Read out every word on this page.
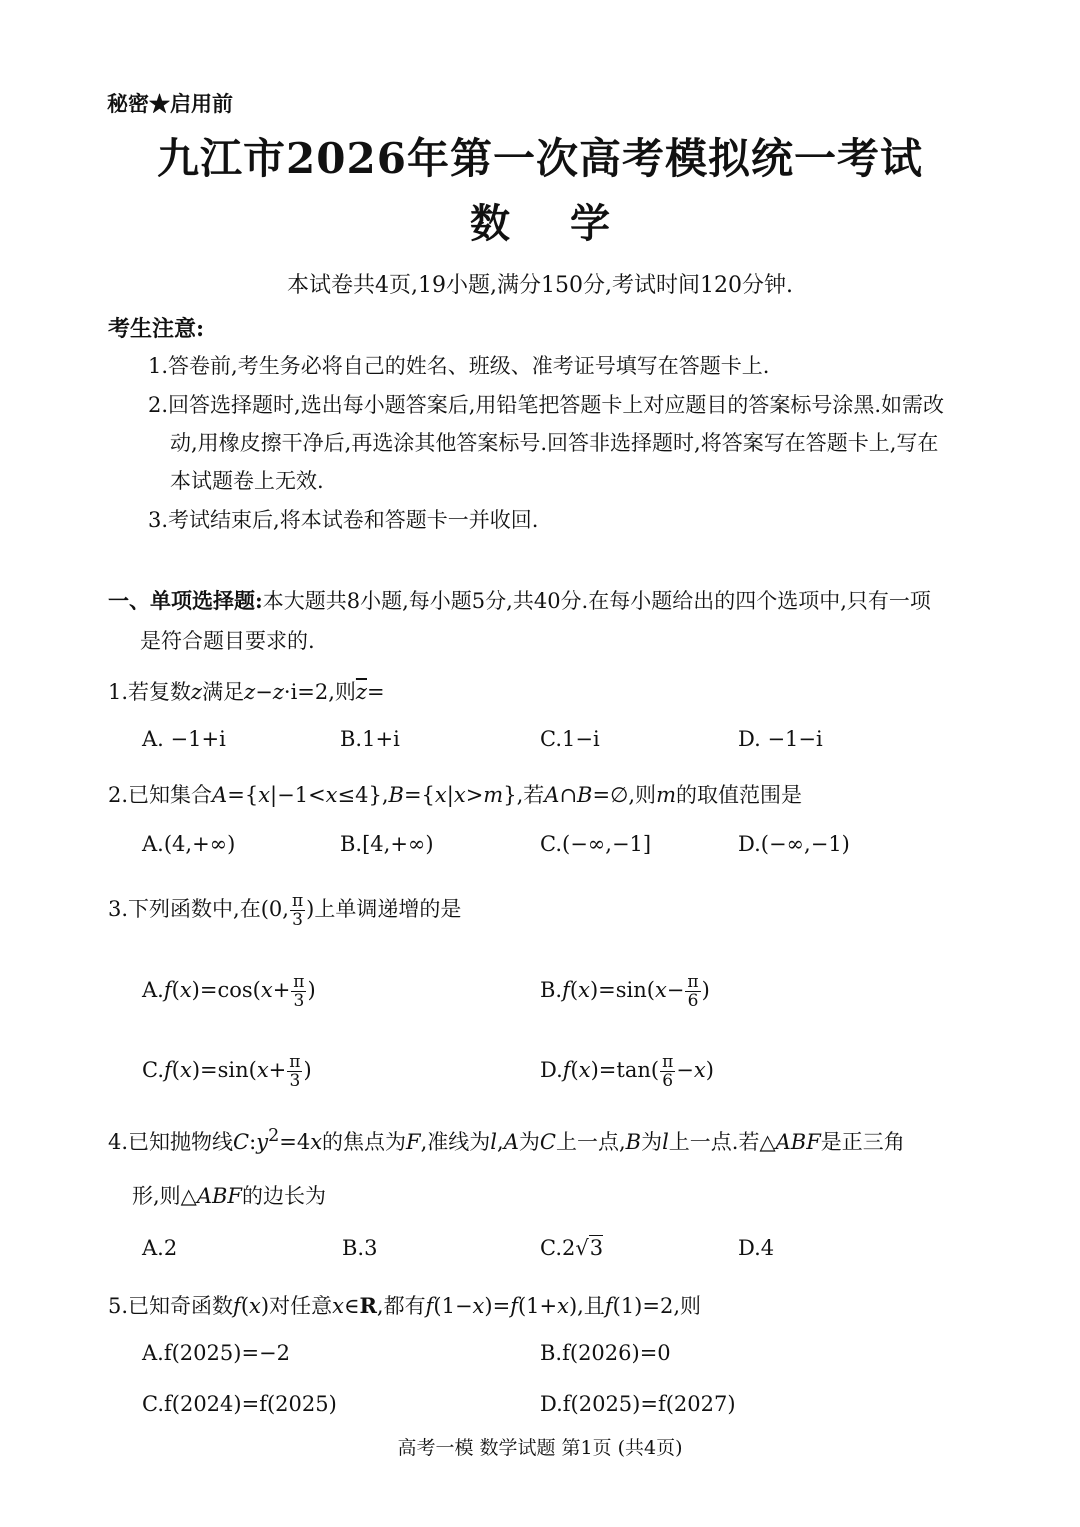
秘密★启用前
九江市2026年第一次高考模拟统一考试
数学
本试卷共4页,19小题,满分150分,考试时间120分钟.
考生注意:
1.答卷前,考生务必将自己的姓名、班级、准考证号填写在答题卡上.
2.回答选择题时,选出每小题答案后,用铅笔把答题卡上对应题目的答案标号涂黑.如需改
动,用橡皮擦干净后,再选涂其他答案标号.回答非选择题时,将答案写在答题卡上,写在
本试题卷上无效.
3.考试结束后,将本试卷和答题卡一并收回.
一、单项选择题:本大题共8小题,每小题5分,共40分.在每小题给出的四个选项中,只有一项
是符合题目要求的.
1.若复数z满足z−z·i=2,则$\overline{z}=$
A. −1+i	B.1+i	C.1−i	D. −1−i
2.已知集合A={x|−1<x≤4},B={x|x>m},若A∩B=∅,则m的取值范围是
A.(4,+∞)	B.[4,+∞)	C.(−∞,−1]	D.(−∞,−1)
3.下列函数中,在(0, $\frac{\pi}{3}$ )上单调递增的是
$A.f(x)=\cos(x+ \frac{\pi}{3}$ )	$B.f(x)=\sin(x- \frac{\pi}{6}$ )
$C.f(x)=\sin(x+ \frac{\pi}{3}$ )	$D.f(x)=\tan( \frac{\pi}{6} -x)$
4.已知抛物线$C:y^2=4x$的焦点为F,准线为l,A为C上一点,B为l上一点.若△ABF是正三角
形,则△ABF的边长为
A.2	B.3	C.2√3	D.4
5.已知奇函数f(x)对任意x∈R,都有f(1−x)=f(1+x),且f(1)=2,则
A.f(2025)=−2	B.f(2026)=0
C.f(2024)=f(2025)	D.f(2025)=f(2027)
高考一模 数学试题 第1页 (共4页)
